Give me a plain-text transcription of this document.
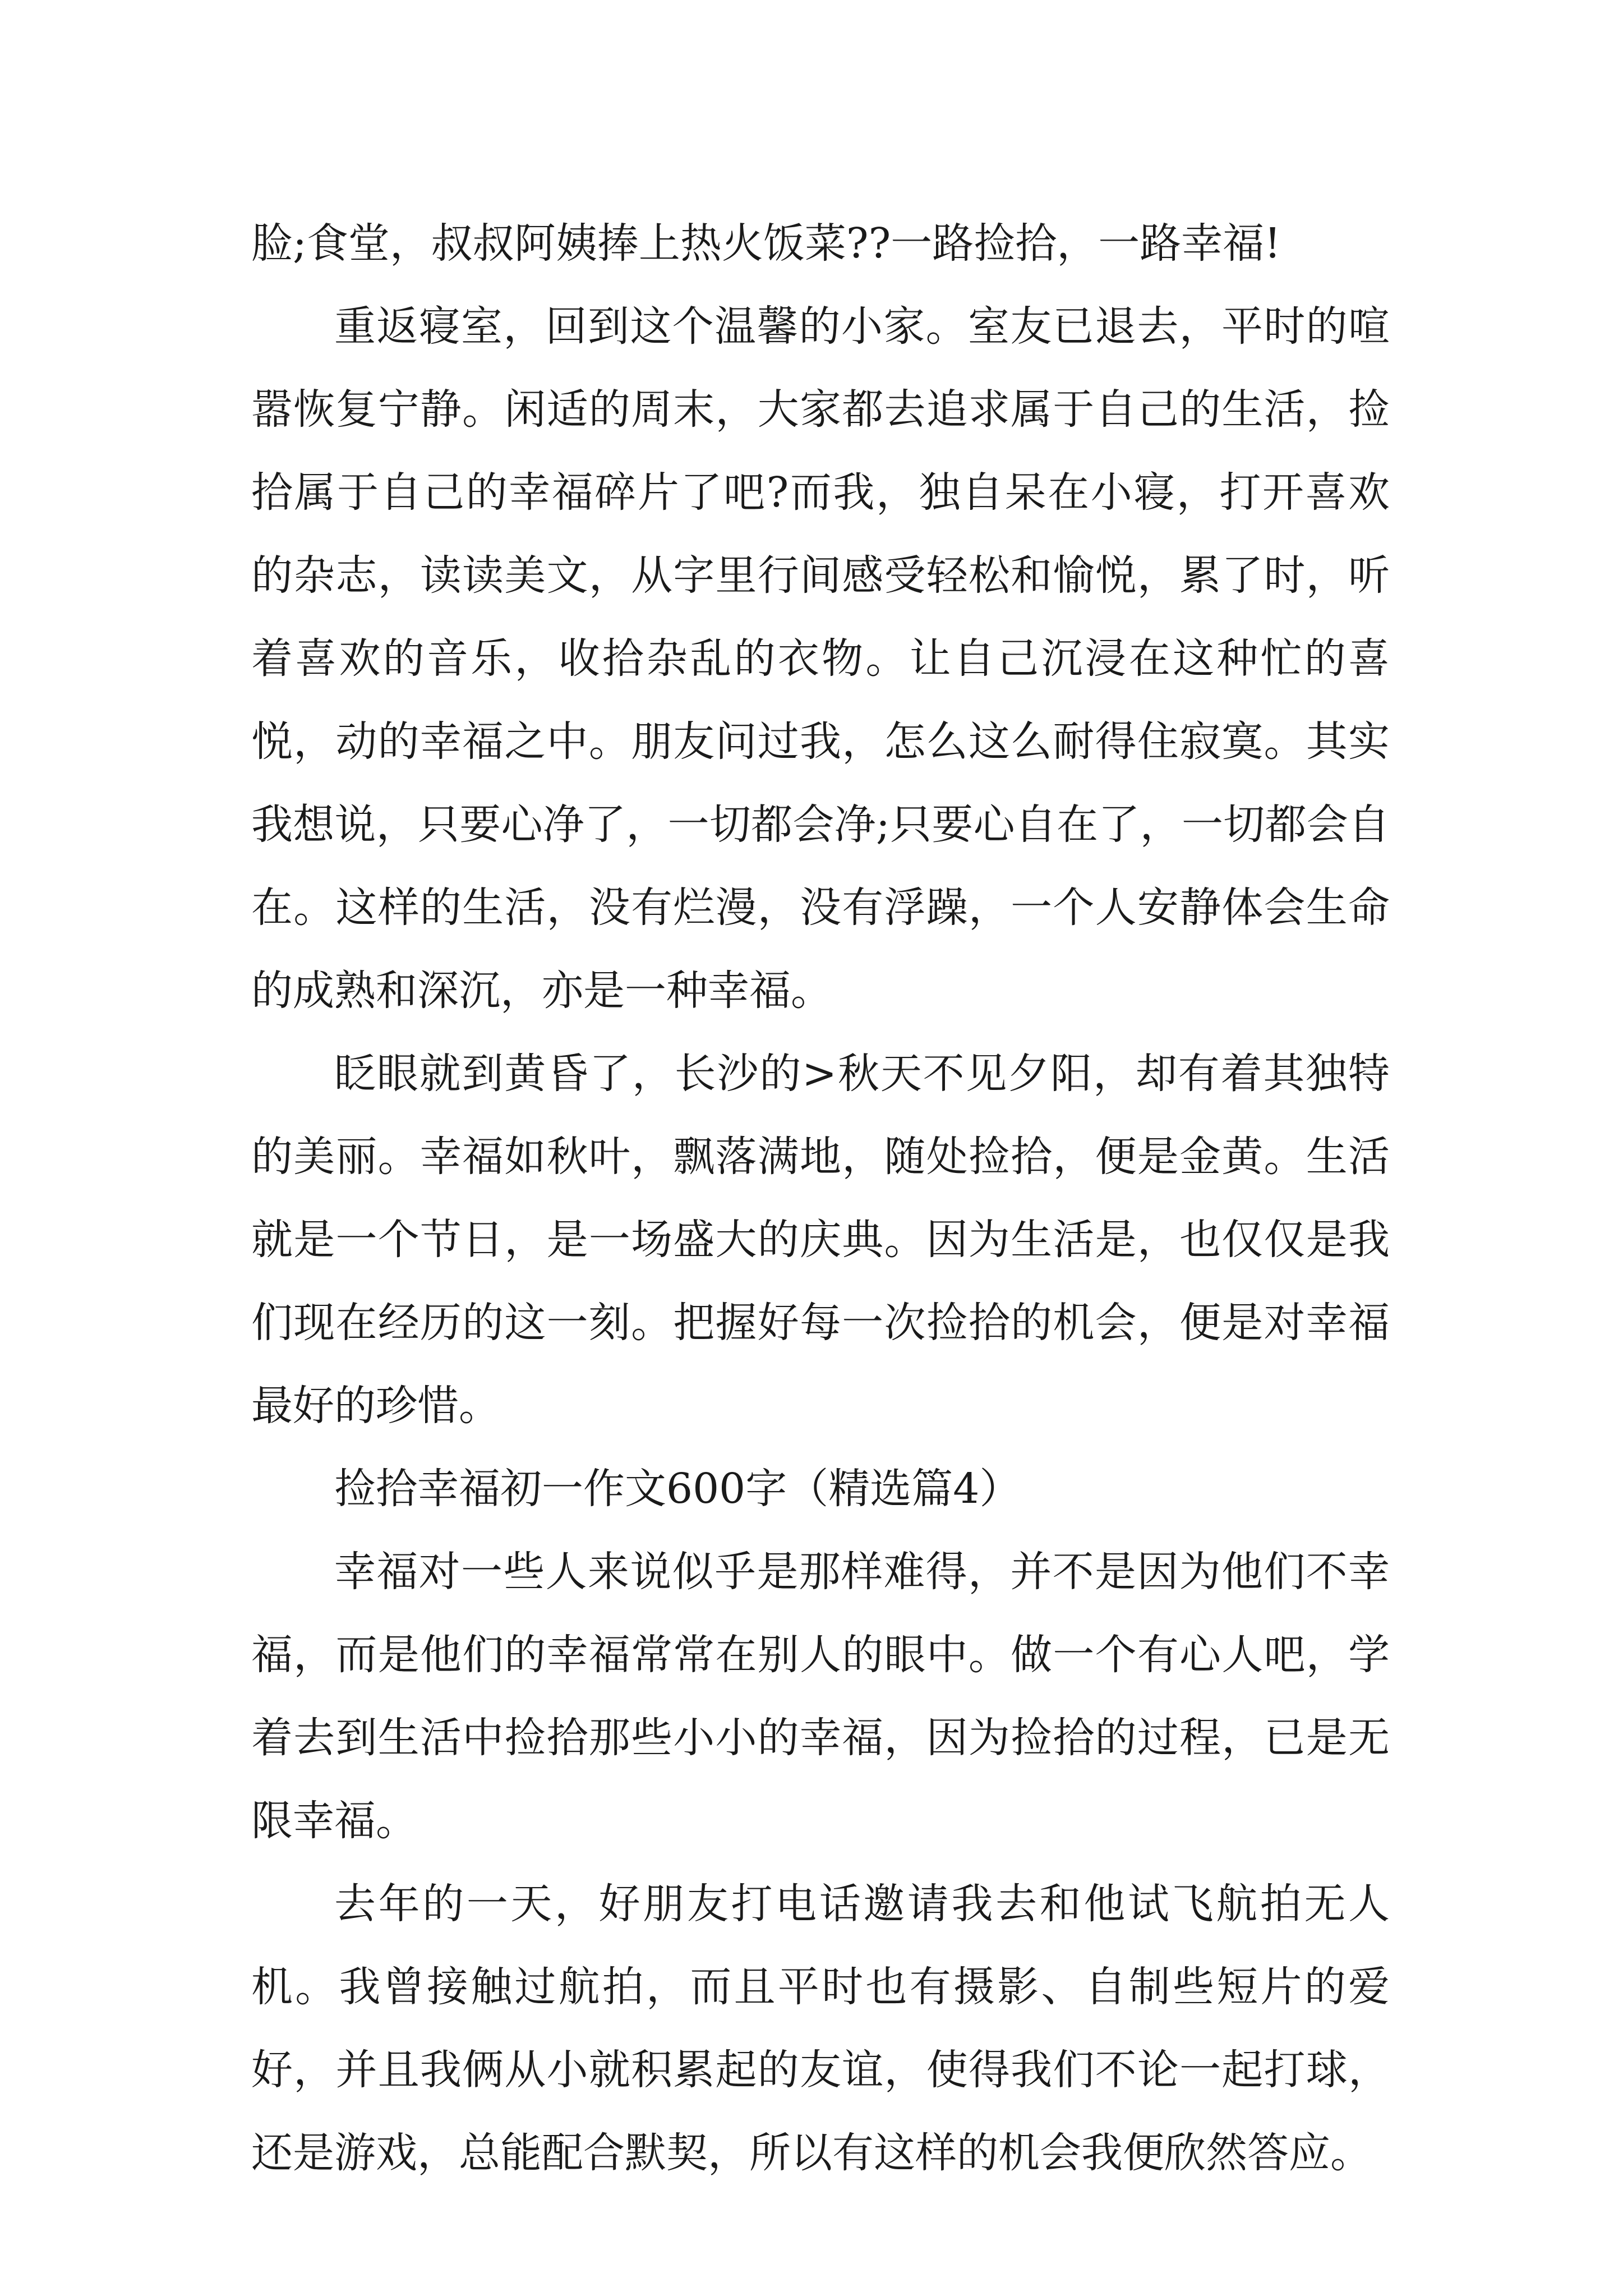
脸;食堂，叔叔阿姨捧上热火饭菜??一路捡拾，一路幸福!

重返寝室，回到这个温馨的小家。室友已退去，平时的喧嚣恢复宁静。闲适的周末，大家都去追求属于自己的生活，捡拾属于自己的幸福碎片了吧?而我，独自呆在小寝，打开喜欢的杂志，读读美文，从字里行间感受轻松和愉悦，累了时，听着喜欢的音乐，收拾杂乱的衣物。让自己沉浸在这种忙的喜悦，动的幸福之中。朋友问过我，怎么这么耐得住寂寞。其实我想说，只要心净了，一切都会净;只要心自在了，一切都会自在。这样的生活，没有烂漫，没有浮躁，一个人安静体会生命的成熟和深沉，亦是一种幸福。

眨眼就到黄昏了，长沙的>秋天不见夕阳，却有着其独特的美丽。幸福如秋叶，飘落满地，随处捡拾，便是金黄。生活就是一个节日，是一场盛大的庆典。因为生活是，也仅仅是我们现在经历的这一刻。把握好每一次捡拾的机会，便是对幸福最好的珍惜。

捡拾幸福初一作文600字（精选篇4）

幸福对一些人来说似乎是那样难得，并不是因为他们不幸福，而是他们的幸福常常在别人的眼中。做一个有心人吧，学着去到生活中捡拾那些小小的幸福，因为捡拾的过程，已是无限幸福。

去年的一天，好朋友打电话邀请我去和他试飞航拍无人机。我曾接触过航拍，而且平时也有摄影、自制些短片的爱好，并且我俩从小就积累起的友谊，使得我们不论一起打球，还是游戏，总能配合默契，所以有这样的机会我便欣然答应。
